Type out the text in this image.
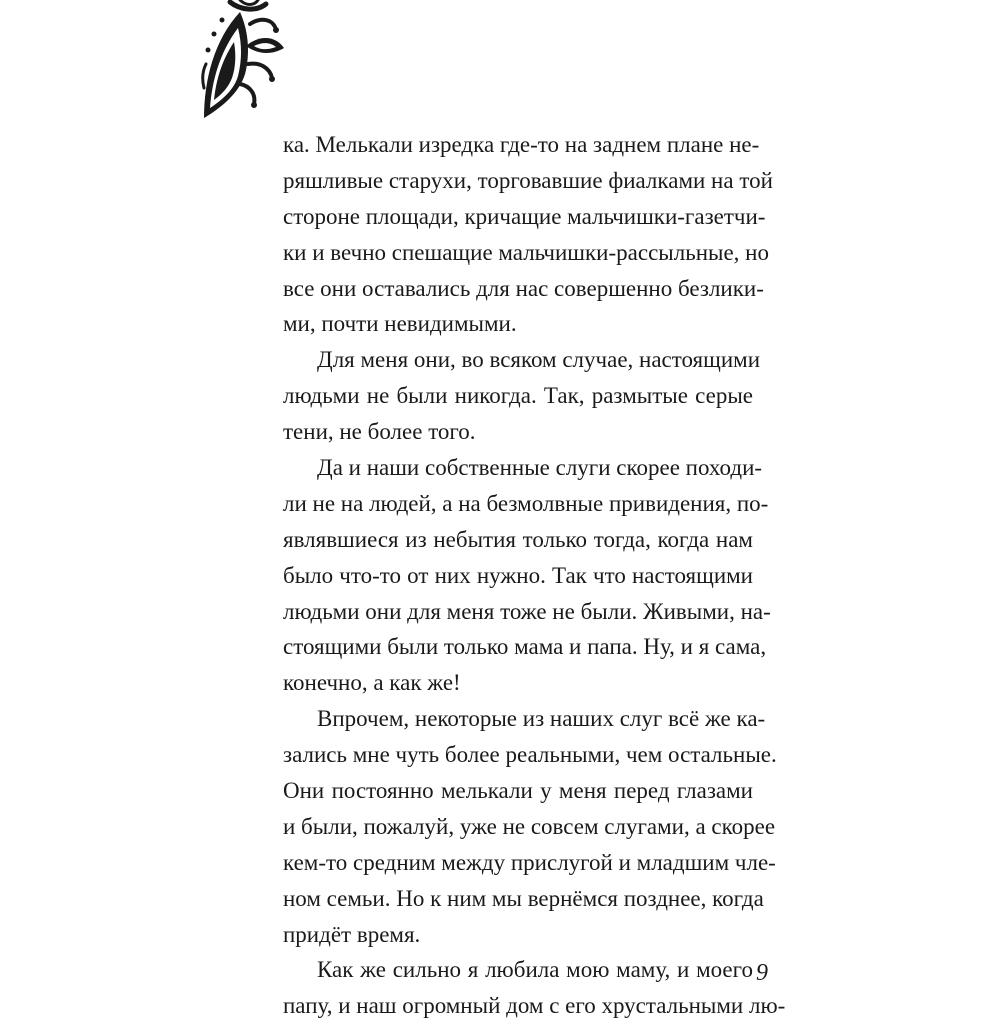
ка. Мелькали изредка где-то на заднем плане не-
ряшливые старухи, торговавшие фиалками на той
стороне площади, кричащие мальчишки-газетчи-
ки и вечно спешащие мальчишки-рассыльные, но
все они оставались для нас совершенно безлики-
ми, почти невидимыми.
Для меня они, во всяком случае, настоящими
людьми не были никогда. Так, размытые серые
тени, не более того.
Да и наши собственные слуги скорее походи-
ли не на людей, а на безмолвные привидения, по-
являвшиеся из небытия только тогда, когда нам
было что-то от них нужно. Так что настоящими
людьми они для меня тоже не были. Живыми, на-
стоящими были только мама и папа. Ну, и я сама,
конечно, а как же!
Впрочем, некоторые из наших слуг всё же ка-
зались мне чуть более реальными, чем остальные.
Они постоянно мелькали у меня перед глазами
и были, пожалуй, уже не совсем слугами, а скорее
кем-то средним между прислугой и младшим чле-
ном семьи. Но к ним мы вернёмся позднее, когда
придёт время.
Как же сильно я любила мою маму, и моего
папу, и наш огромный дом с его хрустальными лю-
9
